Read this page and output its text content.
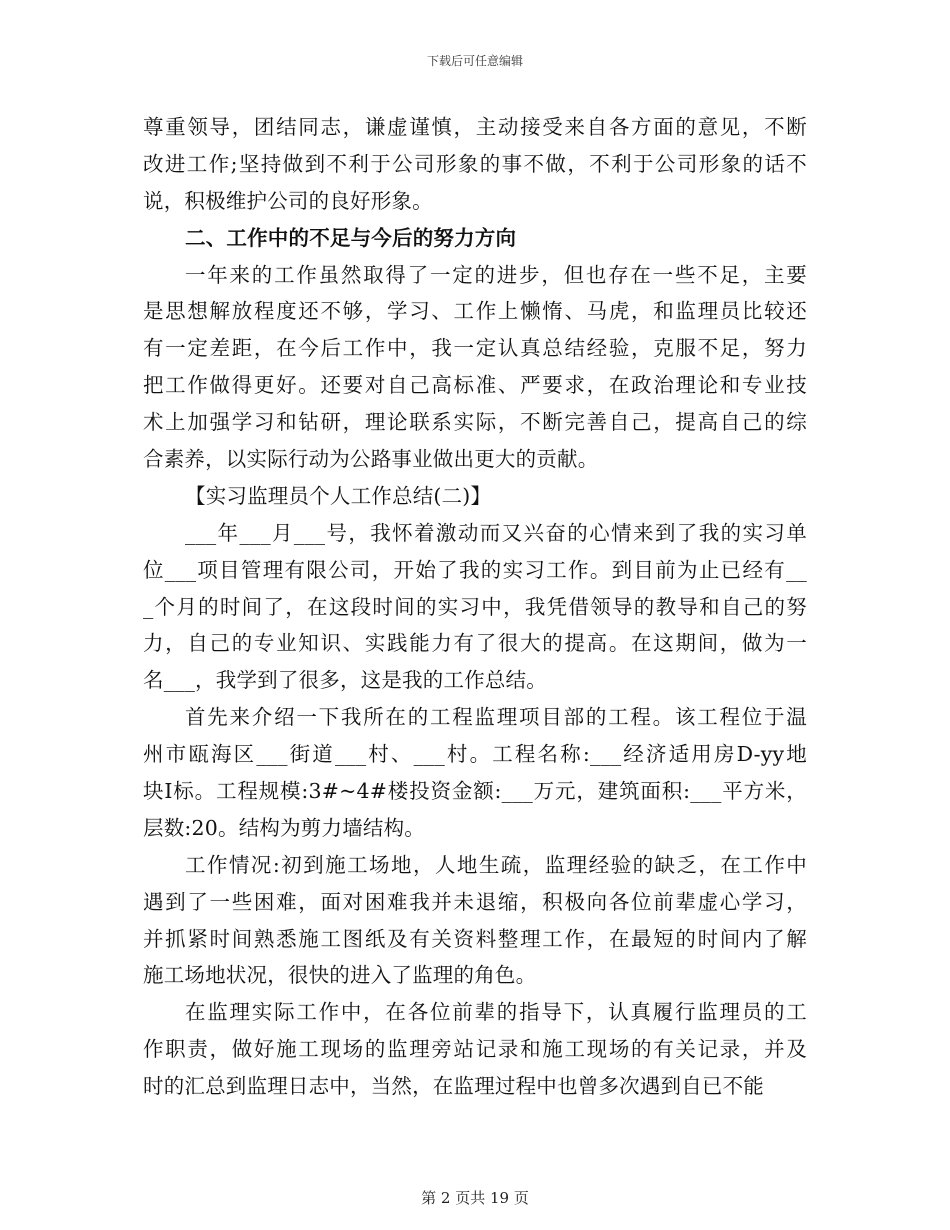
下载后可任意编辑
尊重领导，团结同志，谦虚谨慎，主动接受来自各方面的意见，不断
改进工作;坚持做到不利于公司形象的事不做，不利于公司形象的话不
说，积极维护公司的良好形象。
二、工作中的不足与今后的努力方向
一年来的工作虽然取得了一定的进步，但也存在一些不足，主要
是思想解放程度还不够，学习、工作上懒惰、马虎，和监理员比较还
有一定差距，在今后工作中，我一定认真总结经验，克服不足，努力
把工作做得更好。还要对自己高标准、严要求，在政治理论和专业技
术上加强学习和钻研，理论联系实际，不断完善自己，提高自己的综
合素养，以实际行动为公路事业做出更大的贡献。
【实习监理员个人工作总结(二)】
___年___月___号，我怀着激动而又兴奋的心情来到了我的实习单
位___项目管理有限公司，开始了我的实习工作。到目前为止已经有__
_个月的时间了，在这段时间的实习中，我凭借领导的教导和自己的努
力，自己的专业知识、实践能力有了很大的提高。在这期间，做为一
名___，我学到了很多，这是我的工作总结。
首先来介绍一下我所在的工程监理项目部的工程。该工程位于温
州市瓯海区___街道___村、___村。工程名称:___经济适用房D-yy地
块Ⅰ标。工程规模:3#~4#楼投资金额:___万元，建筑面积:___平方米，
层数:20。结构为剪力墙结构。
工作情况:初到施工场地，人地生疏，监理经验的缺乏，在工作中
遇到了一些困难，面对困难我并未退缩，积极向各位前辈虚心学习，
并抓紧时间熟悉施工图纸及有关资料整理工作，在最短的时间内了解
施工场地状况，很快的进入了监理的角色。
在监理实际工作中，在各位前辈的指导下，认真履行监理员的工
作职责，做好施工现场的监理旁站记录和施工现场的有关记录，并及
时的汇总到监理日志中，当然，在监理过程中也曾多次遇到自已不能
第 2 页共 19 页
